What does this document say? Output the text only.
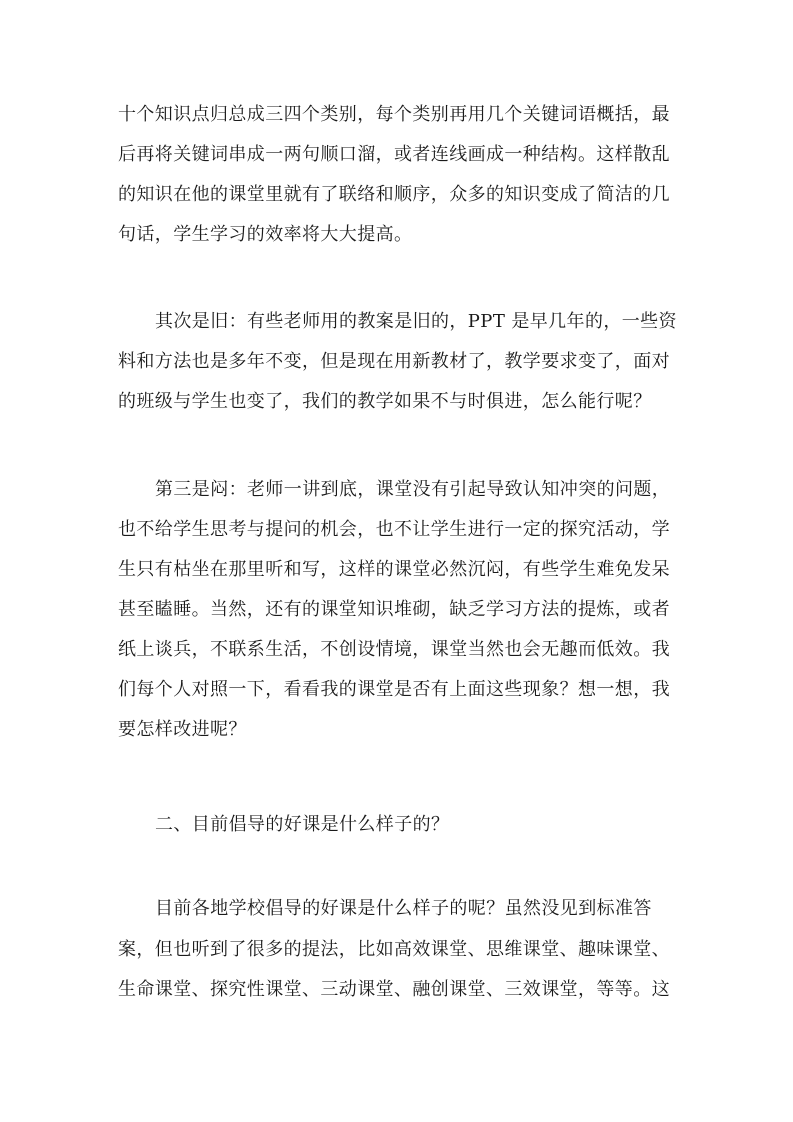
十个知识点归总成三四个类别，每个类别再用几个关键词语概括，最
后再将关键词串成一两句顺口溜，或者连线画成一种结构。这样散乱
的知识在他的课堂里就有了联络和顺序，众多的知识变成了简洁的几
句话，学生学习的效率将大大提高。
其次是旧：有些老师用的教案是旧的，PPT 是早几年的，一些资
料和方法也是多年不变，但是现在用新教材了，教学要求变了，面对
的班级与学生也变了，我们的教学如果不与时俱进，怎么能行呢？
第三是闷：老师一讲到底，课堂没有引起导致认知冲突的问题，
也不给学生思考与提问的机会，也不让学生进行一定的探究活动，学
生只有枯坐在那里听和写，这样的课堂必然沉闷，有些学生难免发呆
甚至瞌睡。当然，还有的课堂知识堆砌，缺乏学习方法的提炼，或者
纸上谈兵，不联系生活，不创设情境，课堂当然也会无趣而低效。我
们每个人对照一下，看看我的课堂是否有上面这些现象？想一想，我
要怎样改进呢？
二、目前倡导的好课是什么样子的？
目前各地学校倡导的好课是什么样子的呢？虽然没见到标准答
案，但也听到了很多的提法，比如高效课堂、思维课堂、趣味课堂、
生命课堂、探究性课堂、三动课堂、融创课堂、三效课堂，等等。这
